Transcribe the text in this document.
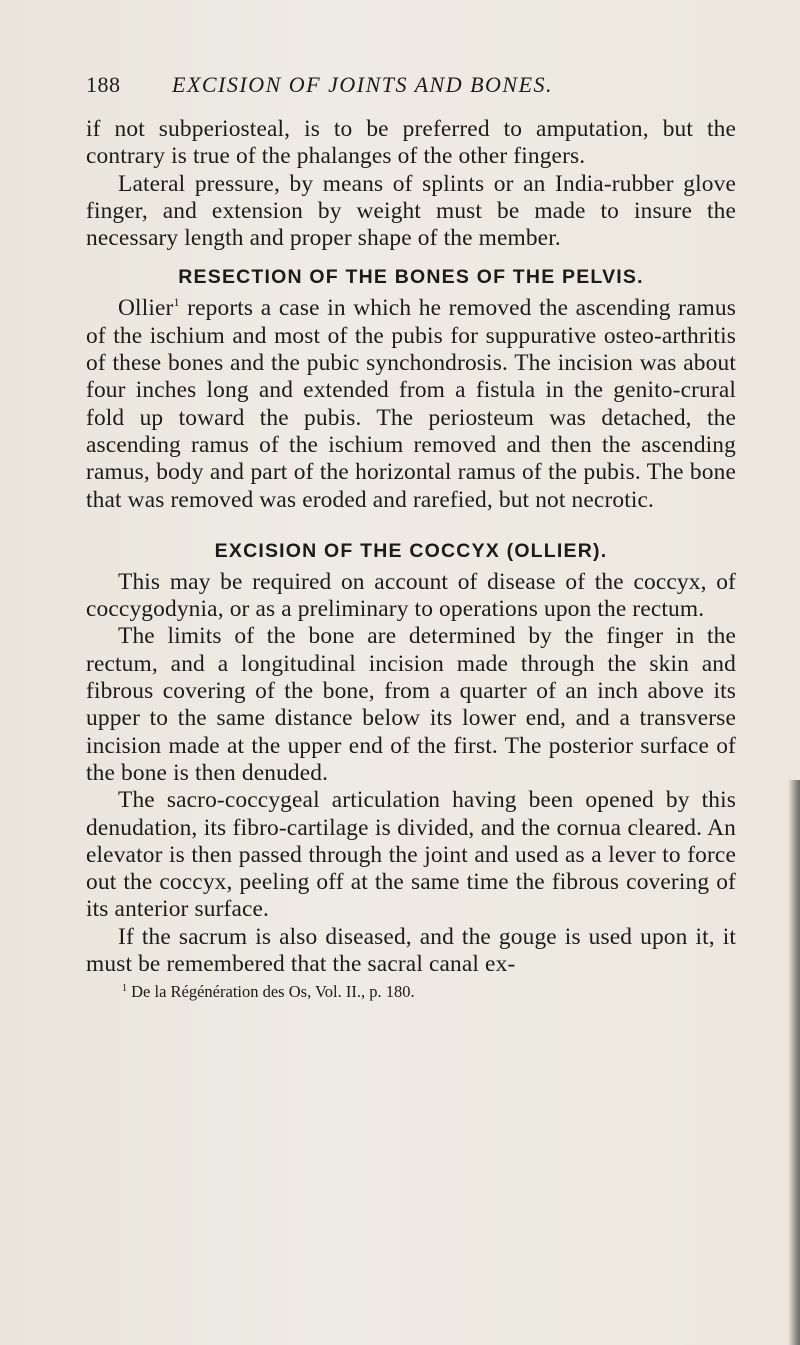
188 EXCISION OF JOINTS AND BONES.

if not subperiosteal, is to be preferred to amputation, but the contrary is true of the phalanges of the other fingers.

Lateral pressure, by means of splints or an India-rubber glove finger, and extension by weight must be made to insure the necessary length and proper shape of the member.

RESECTION OF THE BONES OF THE PELVIS.

Ollier$^1$ reports a case in which he removed the ascending ramus of the ischium and most of the pubis for suppurative osteo-arthritis of these bones and the pubic synchondrosis. The incision was about four inches long and extended from a fistula in the genito-crural fold up toward the pubis. The periosteum was detached, the ascending ramus of the ischium removed and then the ascending ramus, body and part of the horizontal ramus of the pubis. The bone that was removed was eroded and rarefied, but not necrotic.

EXCISION OF THE COCCYX (OLLIER).

This may be required on account of disease of the coccyx, of coccygodynia, or as a preliminary to operations upon the rectum.

The limits of the bone are determined by the finger in the rectum, and a longitudinal incision made through the skin and fibrous covering of the bone, from a quarter of an inch above its upper to the same distance below its lower end, and a transverse incision made at the upper end of the first. The posterior surface of the bone is then denuded.

The sacro-coccygeal articulation having been opened by this denudation, its fibro-cartilage is divided, and the cornua cleared. An elevator is then passed through the joint and used as a lever to force out the coccyx, peeling off at the same time the fibrous covering of its anterior surface.

If the sacrum is also diseased, and the gouge is used upon it, it must be remembered that the sacral canal ex-

$^1$ De la Régénération des Os, Vol. II., p. 180.
